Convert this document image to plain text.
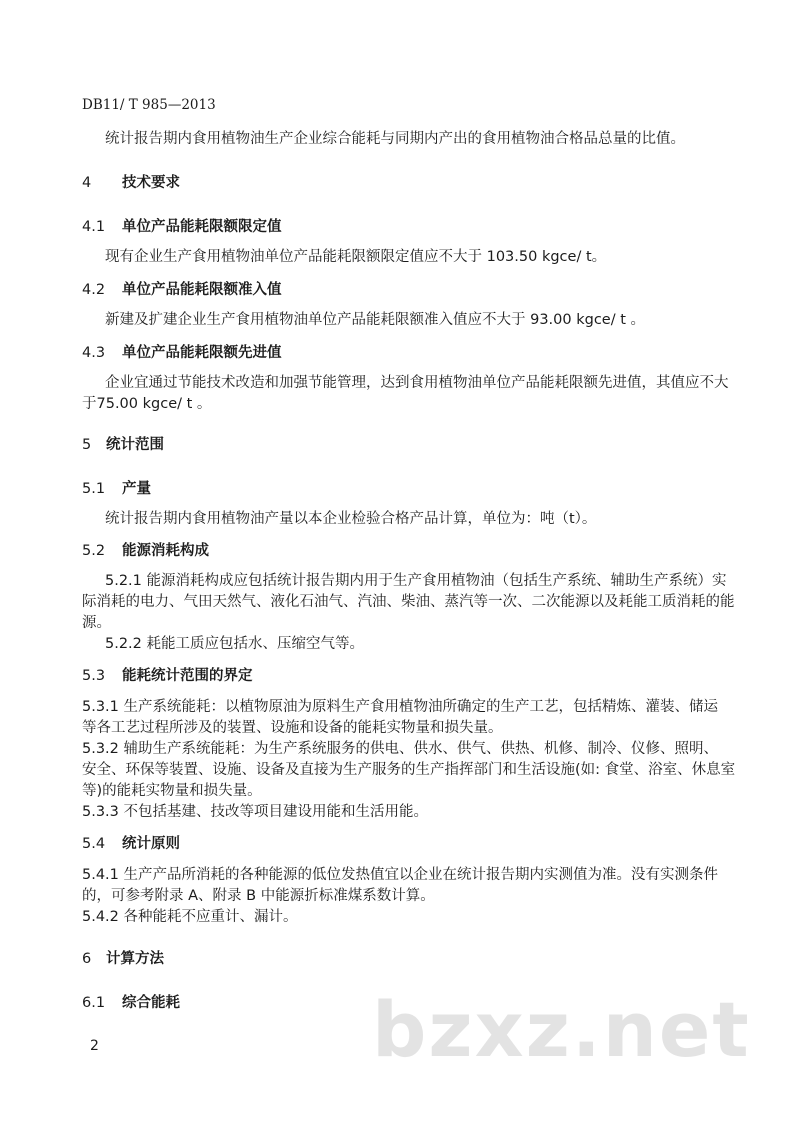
DB11/ T 985—2013
统计报告期内食用植物油生产企业综合能耗与同期内产出的食用植物油合格品总量的比值。
4 技术要求
4.1 单位产品能耗限额限定值
现有企业生产食用植物油单位产品能耗限额限定值应不大于 103.50 kgce/ t。
4.2 单位产品能耗限额准入值
新建及扩建企业生产食用植物油单位产品能耗限额准入值应不大于 93.00 kgce/ t 。
4.3 单位产品能耗限额先进值
企业宜通过节能技术改造和加强节能管理，达到食用植物油单位产品能耗限额先进值，其值应不大
于75.00 kgce/ t 。
5 统计范围
5.1 产量
统计报告期内食用植物油产量以本企业检验合格产品计算，单位为：吨（t）。
5.2 能源消耗构成
5.2.1 能源消耗构成应包括统计报告期内用于生产食用植物油（包括生产系统、辅助生产系统）实
际消耗的电力、气田天然气、液化石油气、汽油、柴油、蒸汽等一次、二次能源以及耗能工质消耗的能
源。
5.2.2 耗能工质应包括水、压缩空气等。
5.3 能耗统计范围的界定
5.3.1 生产系统能耗：以植物原油为原料生产食用植物油所确定的生产工艺，包括精炼、灌装、储运
等各工艺过程所涉及的装置、设施和设备的能耗实物量和损失量。
5.3.2 辅助生产系统能耗：为生产系统服务的供电、供水、供气、供热、机修、制冷、仪修、照明、
安全、环保等装置、设施、设备及直接为生产服务的生产指挥部门和生活设施(如: 食堂、浴室、休息室
等)的能耗实物量和损失量。
5.3.3 不包括基建、技改等项目建设用能和生活用能。
5.4 统计原则
5.4.1 生产产品所消耗的各种能源的低位发热值宜以企业在统计报告期内实测值为准。没有实测条件
的，可参考附录 A、附录 B 中能源折标准煤系数计算。
5.4.2 各种能耗不应重计、漏计。
6 计算方法
6.1 综合能耗	bzxz.net
2
